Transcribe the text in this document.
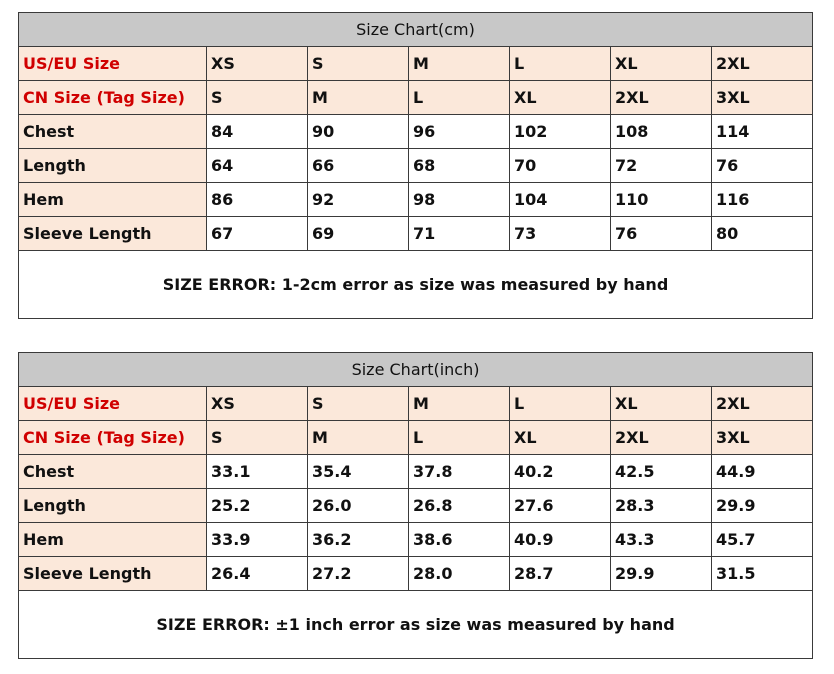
Size Chart(cm)						
US/EU Size	XS	S	M	L	XL	2XL
CN Size (Tag Size)	S	M	L	XL	2XL	3XL
Chest	84	90	96	102	108	114
Length	64	66	68	70	72	76
Hem	86	92	98	104	110	116
Sleeve Length	67	69	71	73	76	80
SIZE ERROR: 1-2cm error as size was measured by hand						
Size Chart(inch)						
US/EU Size	XS	S	M	L	XL	2XL
CN Size (Tag Size)	S	M	L	XL	2XL	3XL
Chest	33.1	35.4	37.8	40.2	42.5	44.9
Length	25.2	26.0	26.8	27.6	28.3	29.9
Hem	33.9	36.2	38.6	40.9	43.3	45.7
Sleeve Length	26.4	27.2	28.0	28.7	29.9	31.5
SIZE ERROR: ±1 inch error as size was measured by hand						
